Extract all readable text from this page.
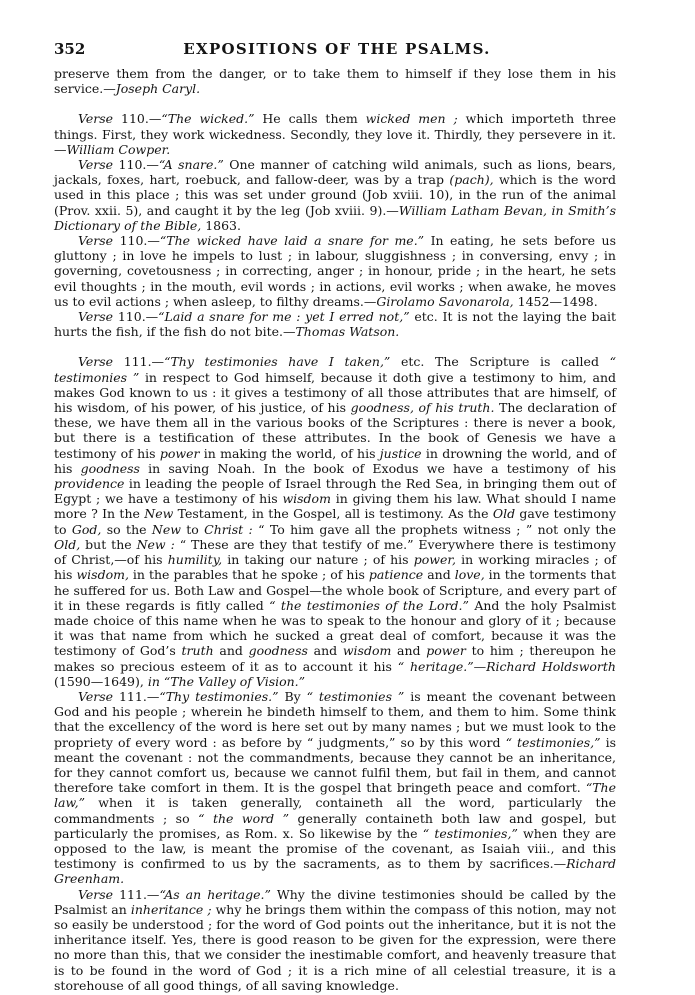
352	EXPOSITIONS OF THE PSALMS.

preserve them from the danger, or to take them to himself if they lose them in his service.—Joseph Caryl.

Verse 110.—“The wicked.” He calls them wicked men ; which importeth three things. First, they work wickedness. Secondly, they love it. Thirdly, they persevere in it.—William Cowper.

Verse 110.—“A snare.” One manner of catching wild animals, such as lions, bears, jackals, foxes, hart, roebuck, and fallow-deer, was by a trap (pach), which is the word used in this place ; this was set under ground (Job xviii. 10), in the run of the animal (Prov. xxii. 5), and caught it by the leg (Job xviii. 9).—William Latham Bevan, in Smith’s Dictionary of the Bible, 1863.

Verse 110.—“The wicked have laid a snare for me.” In eating, he sets before us gluttony ; in love he impels to lust ; in labour, sluggishness ; in conversing, envy ; in governing, covetousness ; in correcting, anger ; in honour, pride ; in the heart, he sets evil thoughts ; in the mouth, evil words ; in actions, evil works ; when awake, he moves us to evil actions ; when asleep, to filthy dreams.—Girolamo Savonarola, 1452—1498.

Verse 110.—“Laid a snare for me : yet I erred not,” etc. It is not the laying the bait hurts the fish, if the fish do not bite.—Thomas Watson.

Verse 111.—“Thy testimonies have I taken,” etc. The Scripture is called “ testimonies ” in respect to God himself, because it doth give a testimony to him, and makes God known to us : it gives a testimony of all those attributes that are himself, of his wisdom, of his power, of his justice, of his goodness, of his truth. The declaration of these, we have them all in the various books of the Scriptures : there is never a book, but there is a testification of these attributes. In the book of Genesis we have a testimony of his power in making the world, of his justice in drowning the world, and of his goodness in saving Noah. In the book of Exodus we have a testimony of his providence in leading the people of Israel through the Red Sea, in bringing them out of Egypt ; we have a testimony of his wisdom in giving them his law. What should I name more ? In the New Testament, in the Gospel, all is testimony. As the Old gave testimony to God, so the New to Christ : “ To him gave all the prophets witness ; ” not only the Old, but the New : “ These are they that testify of me.” Everywhere there is testimony of Christ,—of his humility, in taking our nature ; of his power, in working miracles ; of his wisdom, in the parables that he spoke ; of his patience and love, in the torments that he suffered for us. Both Law and Gospel—the whole book of Scripture, and every part of it in these regards is fitly called “ the testimonies of the Lord.” And the holy Psalmist made choice of this name when he was to speak to the honour and glory of it ; because it was that name from which he sucked a great deal of comfort, because it was the testimony of God’s truth and goodness and wisdom and power to him ; thereupon he makes so precious esteem of it as to account it his “ heritage.”—Richard Holdsworth (1590—1649), in “The Valley of Vision.”

Verse 111.—“Thy testimonies.” By “ testimonies ” is meant the covenant between God and his people ; wherein he bindeth himself to them, and them to him. Some think that the excellency of the word is here set out by many names ; but we must look to the propriety of every word : as before by “ judgments,” so by this word “ testimonies,” is meant the covenant : not the commandments, because they cannot be an inheritance, for they cannot comfort us, because we cannot fulfil them, but fail in them, and cannot therefore take comfort in them. It is the gospel that bringeth peace and comfort. “The law,” when it is taken generally, containeth all the word, particularly the commandments ; so “ the word ” generally containeth both law and gospel, but particularly the promises, as Rom. x. So likewise by the “ testimonies,” when they are opposed to the law, is meant the promise of the covenant, as Isaiah viii., and this testimony is confirmed to us by the sacraments, as to them by sacrifices.—Richard Greenham.

Verse 111.—“As an heritage.” Why the divine testimonies should be called by the Psalmist an inheritance ; why he brings them within the compass of this notion, may not so easily be understood ; for the word of God points out the inheritance, but it is not the inheritance itself. Yes, there is good reason to be given for the expression, were there no more than this, that we consider the inestimable comfort, and heavenly treasure that is to be found in the word of God ; it is a rich mine of all celestial treasure, it is a storehouse of all good things, of all saving knowledge.
